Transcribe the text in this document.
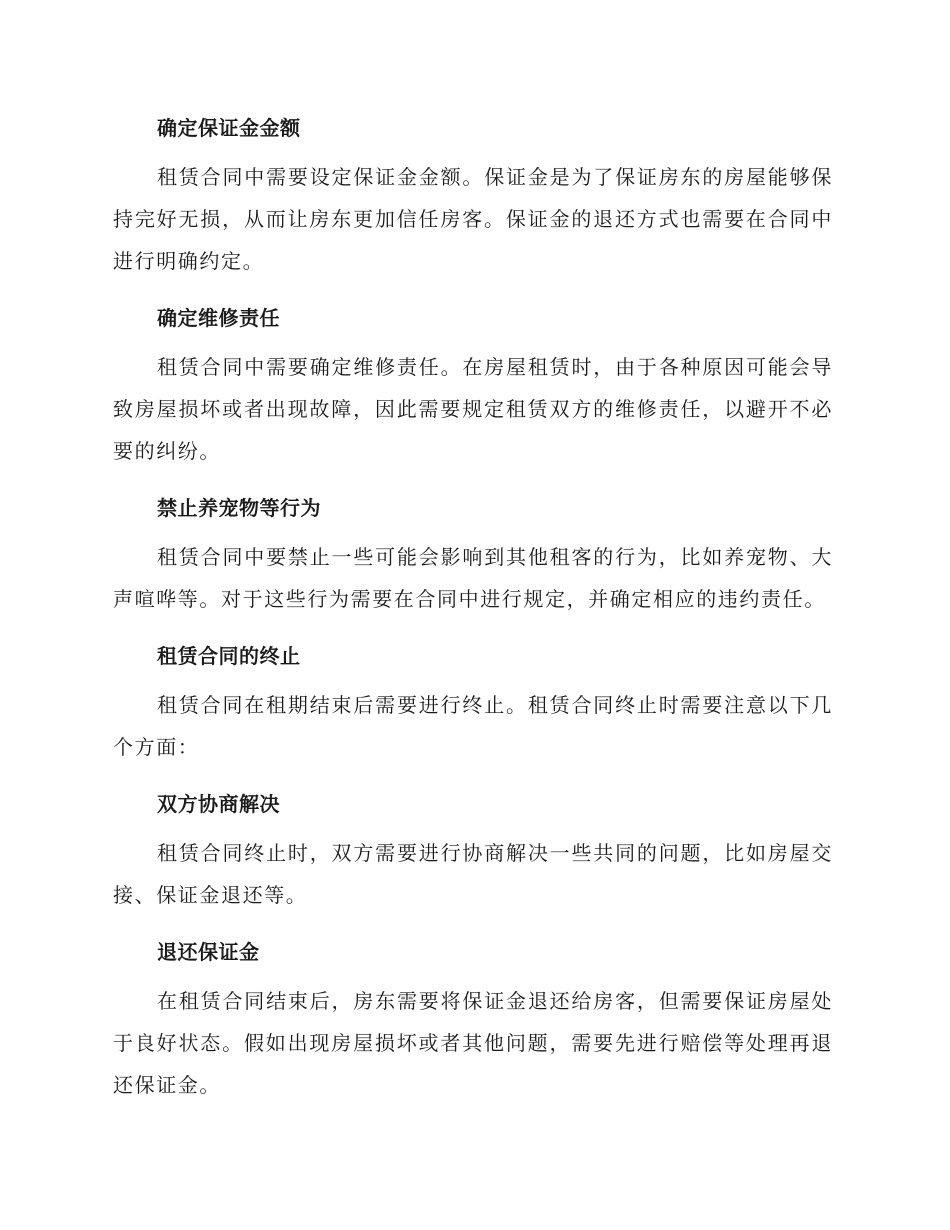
确定保证金金额

租赁合同中需要设定保证金金额。保证金是为了保证房东的房屋能够保持完好无损，从而让房东更加信任房客。保证金的退还方式也需要在合同中进行明确约定。

确定维修责任

租赁合同中需要确定维修责任。在房屋租赁时，由于各种原因可能会导致房屋损坏或者出现故障，因此需要规定租赁双方的维修责任，以避开不必要的纠纷。

禁止养宠物等行为

租赁合同中要禁止一些可能会影响到其他租客的行为，比如养宠物、大声喧哗等。对于这些行为需要在合同中进行规定，并确定相应的违约责任。

租赁合同的终止

租赁合同在租期结束后需要进行终止。租赁合同终止时需要注意以下几个方面：

双方协商解决

租赁合同终止时，双方需要进行协商解决一些共同的问题，比如房屋交接、保证金退还等。

退还保证金

在租赁合同结束后，房东需要将保证金退还给房客，但需要保证房屋处于良好状态。假如出现房屋损坏或者其他问题，需要先进行赔偿等处理再退还保证金。
